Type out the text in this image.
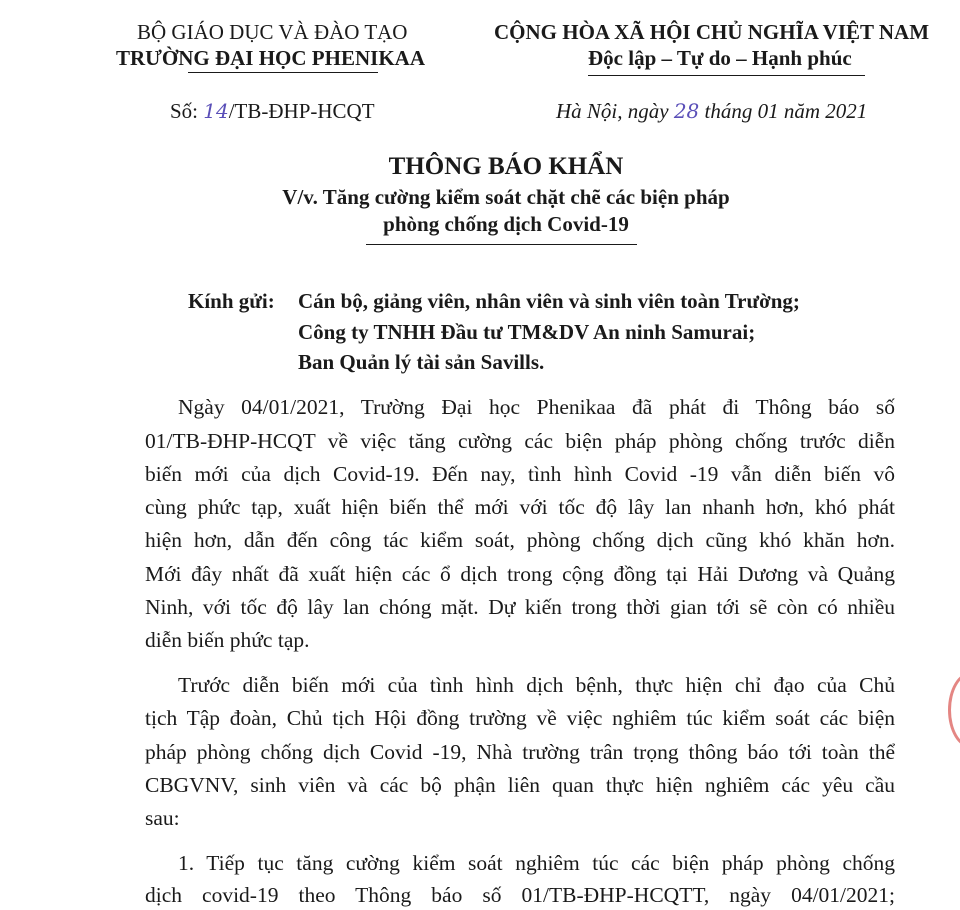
BỘ GIÁO DỤC VÀ ĐÀO TẠO
TRƯỜNG ĐẠI HỌC PHENIKAA
CỘNG HÒA XÃ HỘI CHỦ NGHĨA VIỆT NAM
Độc lập – Tự do – Hạnh phúc
Số: 14/TB-ĐHP-HCQT	Hà Nội, ngày 28 tháng 01 năm 2021
THÔNG BÁO KHẨN
V/v. Tăng cường kiểm soát chặt chẽ các biện pháp
phòng chống dịch Covid-19
Kính gửi: Cán bộ, giảng viên, nhân viên và sinh viên toàn Trường;
Công ty TNHH Đầu tư TM&DV An ninh Samurai;
Ban Quản lý tài sản Savills.
Ngày 04/01/2021, Trường Đại học Phenikaa đã phát đi Thông báo số
01/TB-ĐHP-HCQT về việc tăng cường các biện pháp phòng chống trước diễn
biến mới của dịch Covid-19. Đến nay, tình hình Covid -19 vẫn diễn biến vô
cùng phức tạp, xuất hiện biến thể mới với tốc độ lây lan nhanh hơn, khó phát
hiện hơn, dẫn đến công tác kiểm soát, phòng chống dịch cũng khó khăn hơn.
Mới đây nhất đã xuất hiện các ổ dịch trong cộng đồng tại Hải Dương và Quảng
Ninh, với tốc độ lây lan chóng mặt. Dự kiến trong thời gian tới sẽ còn có nhiều
diễn biến phức tạp.
Trước diễn biến mới của tình hình dịch bệnh, thực hiện chỉ đạo của Chủ
tịch Tập đoàn, Chủ tịch Hội đồng trường về việc nghiêm túc kiểm soát các biện
pháp phòng chống dịch Covid -19, Nhà trường trân trọng thông báo tới toàn thể
CBGVNV, sinh viên và các bộ phận liên quan thực hiện nghiêm các yêu cầu
sau:
1. Tiếp tục tăng cường kiểm soát nghiêm túc các biện pháp phòng chống
dịch covid-19 theo Thông báo số 01/TB-ĐHP-HCQTT, ngày 04/01/2021;
